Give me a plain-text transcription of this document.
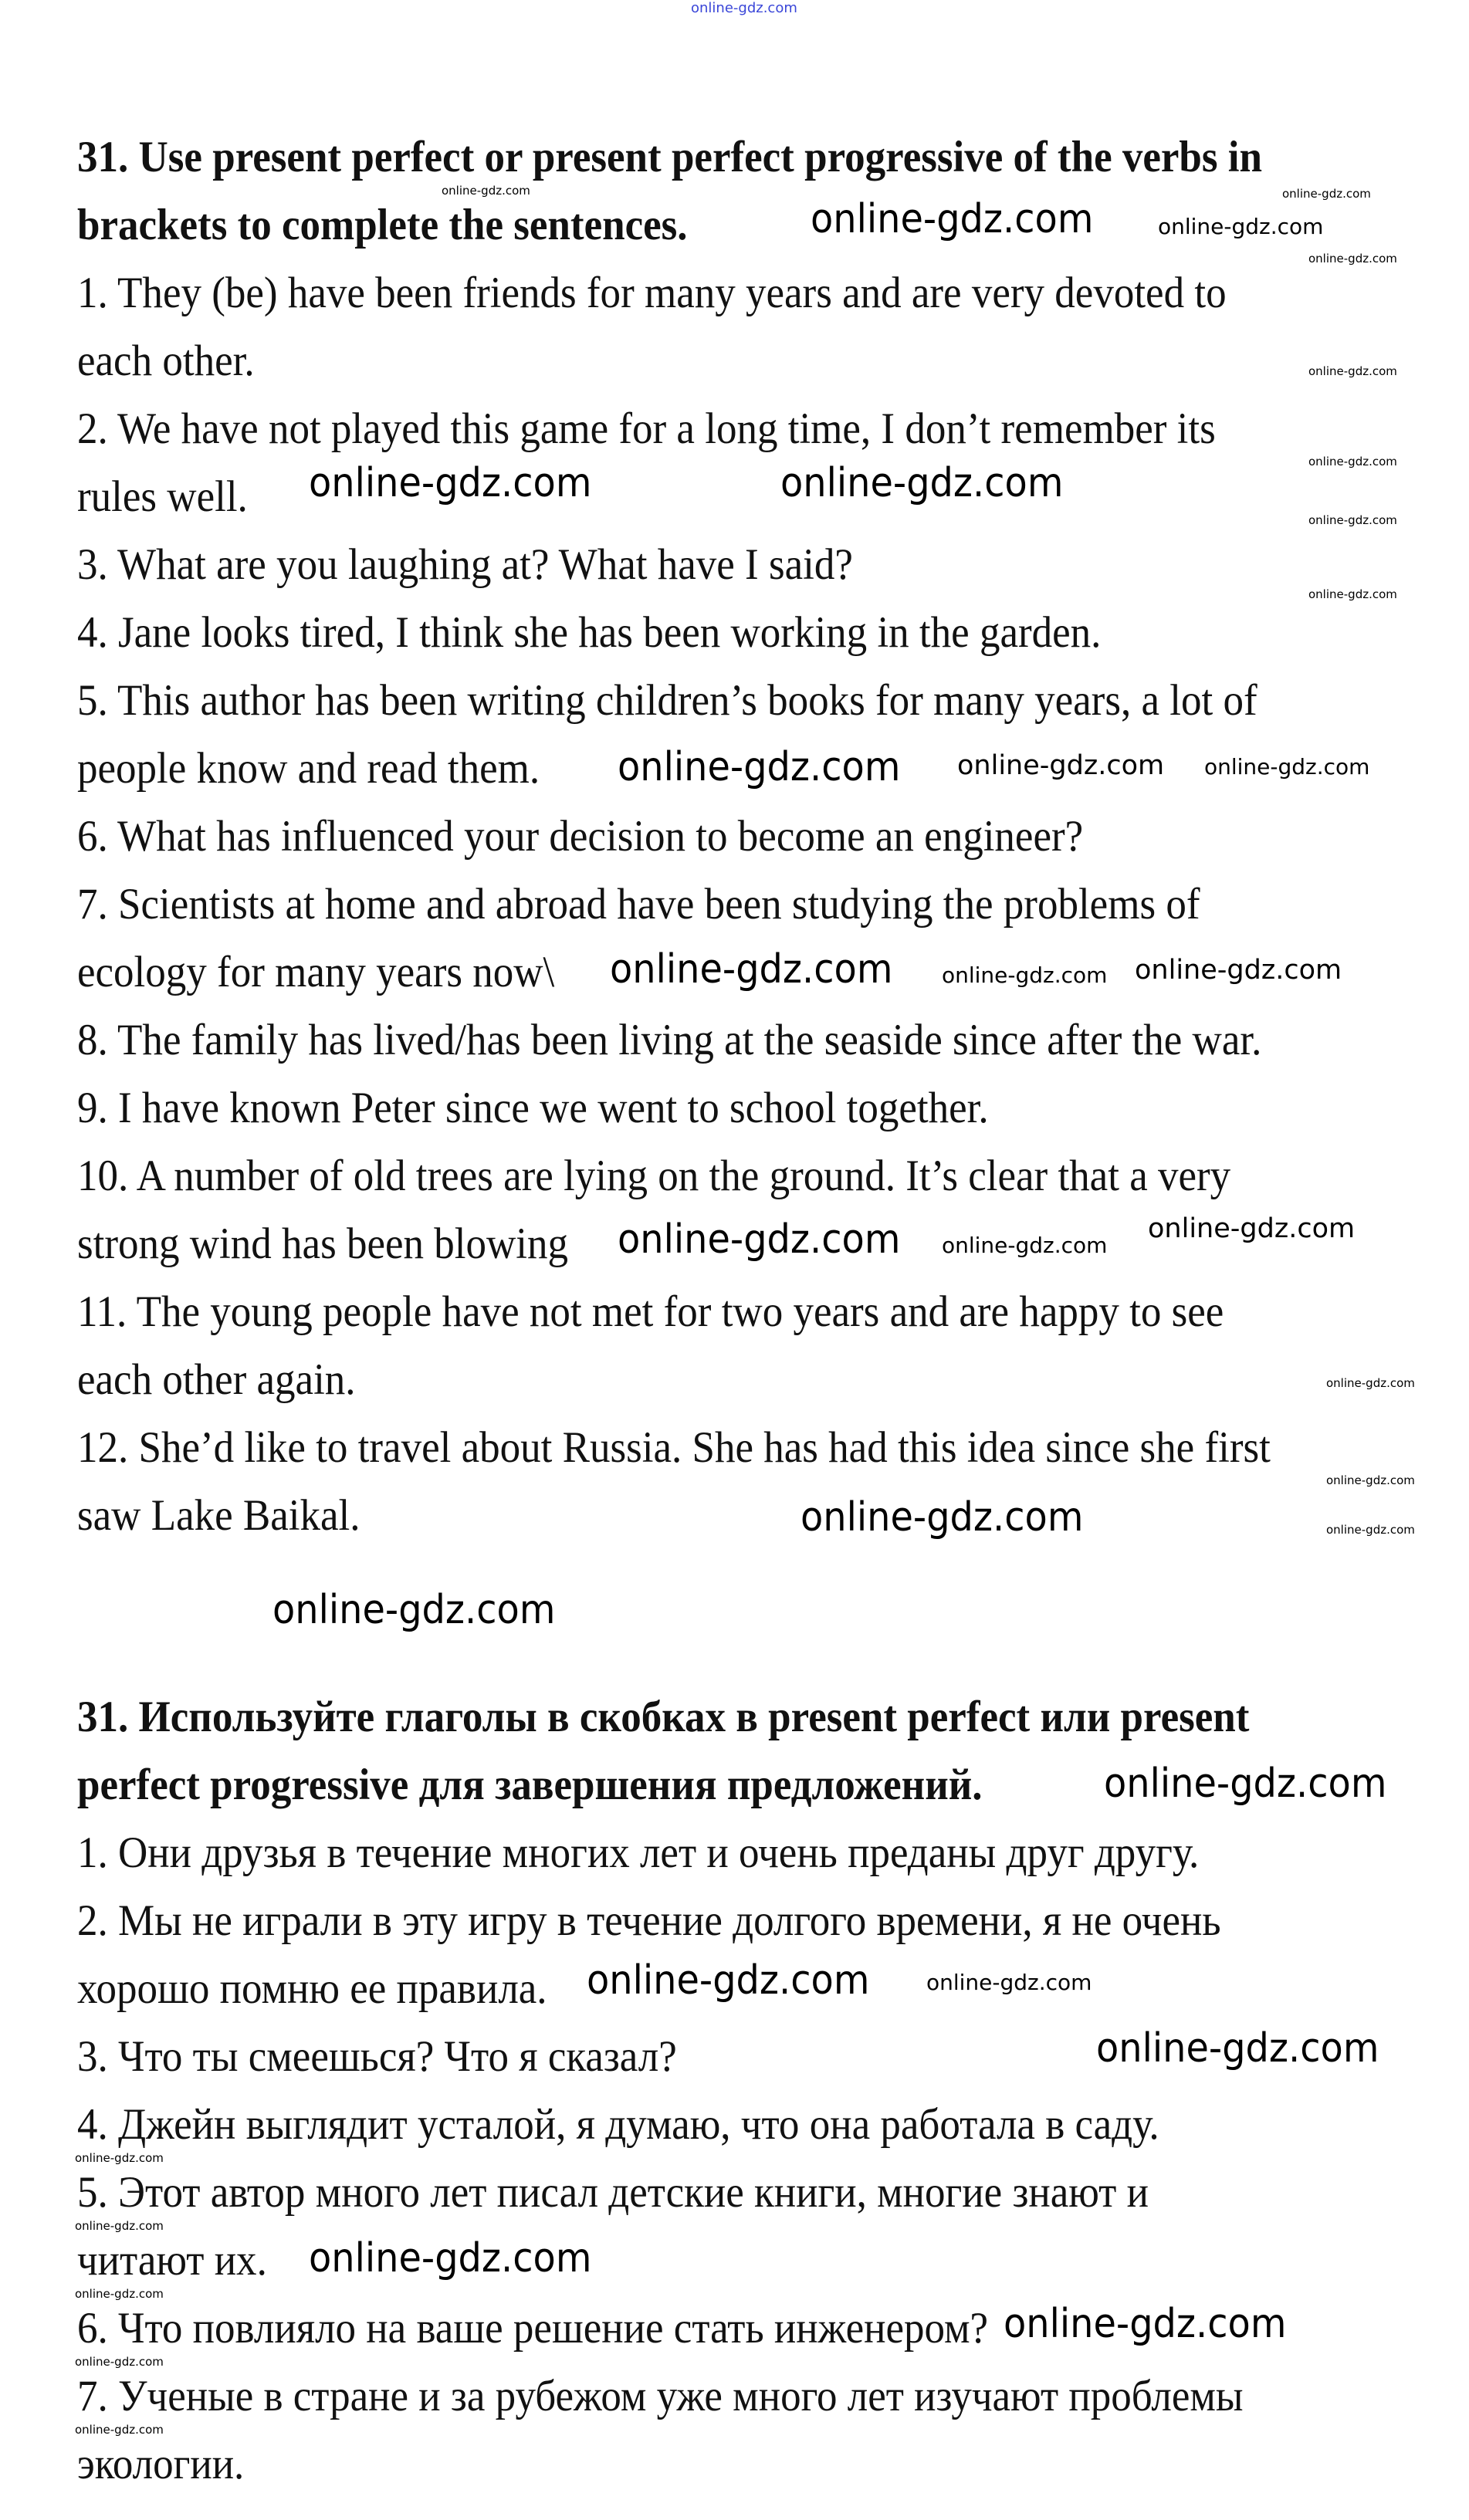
31. Use present perfect or present perfect progressive of the verbs in
brackets to complete the sentences.
1. They (be) have been friends for many years and are very devoted to
each other.
2. We have not played this game for a long time, I don’t remember its
rules well.
3. What are you laughing at? What have I said?
4. Jane looks tired, I think she has been working in the garden.
5. This author has been writing children’s books for many years, a lot of
people know and read them.
6. What has influenced your decision to become an engineer?
7. Scientists at home and abroad have been studying the problems of
ecology for many years now\
8. The family has lived/has been living at the seaside since after the war.
9. I have known Peter since we went to school together.
10. A number of old trees are lying on the ground. It’s clear that a very
strong wind has been blowing
11. The young people have not met for two years and are happy to see
each other again.
12. She’d like to travel about Russia. She has had this idea since she first
saw Lake Baikal.
31. Используйте глаголы в скобках в present perfect или present
perfect progressive для завершения предложений.
1. Они друзья в течение многих лет и очень преданы друг другу.
2. Мы не играли в эту игру в течение долгого времени, я не очень
хорошо помню ее правила.
3. Что ты смеешься? Что я сказал?
4. Джейн выглядит усталой, я думаю, что она работала в саду.
5. Этот автор много лет писал детские книги, многие знают и
читают их.
6. Что повлияло на ваше решение стать инженером?
7. Ученые в стране и за рубежом уже много лет изучают проблемы
экологии.
online-gdz.com
online-gdz.com
online-gdz.com	online-gdz.com
online-gdz.com
online-gdz.com
online-gdz.com
online-gdz.com
online-gdz.com	online-gdz.com
online-gdz.com
online-gdz.com
online-gdz.com
online-gdz.com online-gdz.com
online-gdz.com
online-gdz.com	online-gdz.com
online-gdz.com
online-gdz.com online-gdz.com
online-gdz.com
online-gdz.com
online-gdz.com	online-gdz.com
online-gdz.com
online-gdz.com
online-gdz.com	online-gdz.com
online-gdz.com
online-gdz.com
online-gdz.com
online-gdz.com
online-gdz.com
online-gdz.com
online-gdz.com
online-gdz.com
